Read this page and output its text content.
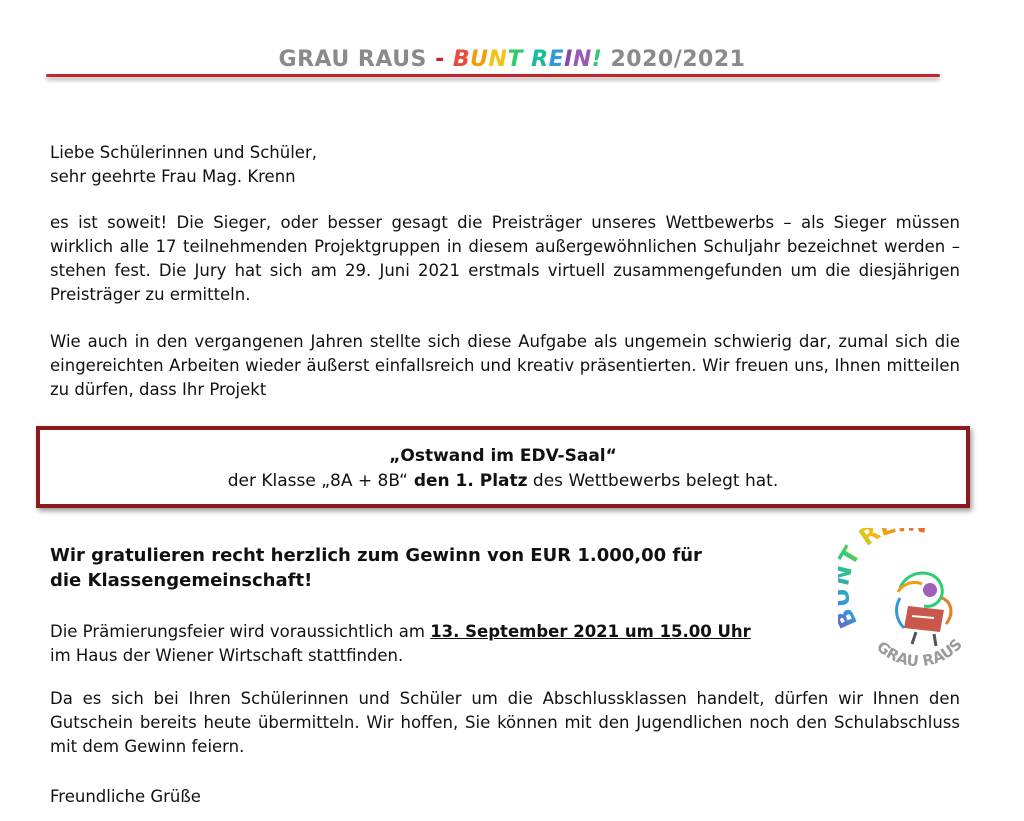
GRAU RAUS - BUNT REIN! 2020/2021
Liebe Schülerinnen und Schüler,
sehr geehrte Frau Mag. Krenn
es ist soweit! Die Sieger, oder besser gesagt die Preisträger unseres Wettbewerbs – als Sieger müssen wirklich alle 17 teilnehmenden Projektgruppen in diesem außergewöhnlichen Schuljahr bezeichnet werden – stehen fest. Die Jury hat sich am 29. Juni 2021 erstmals virtuell zusammengefunden um die diesjährigen Preisträger zu ermitteln.
Wie auch in den vergangenen Jahren stellte sich diese Aufgabe als ungemein schwierig dar, zumal sich die eingereichten Arbeiten wieder äußerst einfallsreich und kreativ präsentierten. Wir freuen uns, Ihnen mitteilen zu dürfen, dass Ihr Projekt
„Ostwand im EDV-Saal“
der Klasse „8A + 8B“ den 1. Platz des Wettbewerbs belegt hat.
Wir gratulieren recht herzlich zum Gewinn von EUR 1.000,00 für
die Klassengemeinschaft!
Die Prämierungsfeier wird voraussichtlich am 13. September 2021 um 15.00 Uhr
im Haus der Wiener Wirtschaft stattfinden.
Da es sich bei Ihren Schülerinnen und Schüler um die Abschlussklassen handelt, dürfen wir Ihnen den Gutschein bereits heute übermitteln. Wir hoffen, Sie können mit den Jugendlichen noch den Schulabschluss mit dem Gewinn feiern.
Freundliche Grüße
R
GRAU RAUS
